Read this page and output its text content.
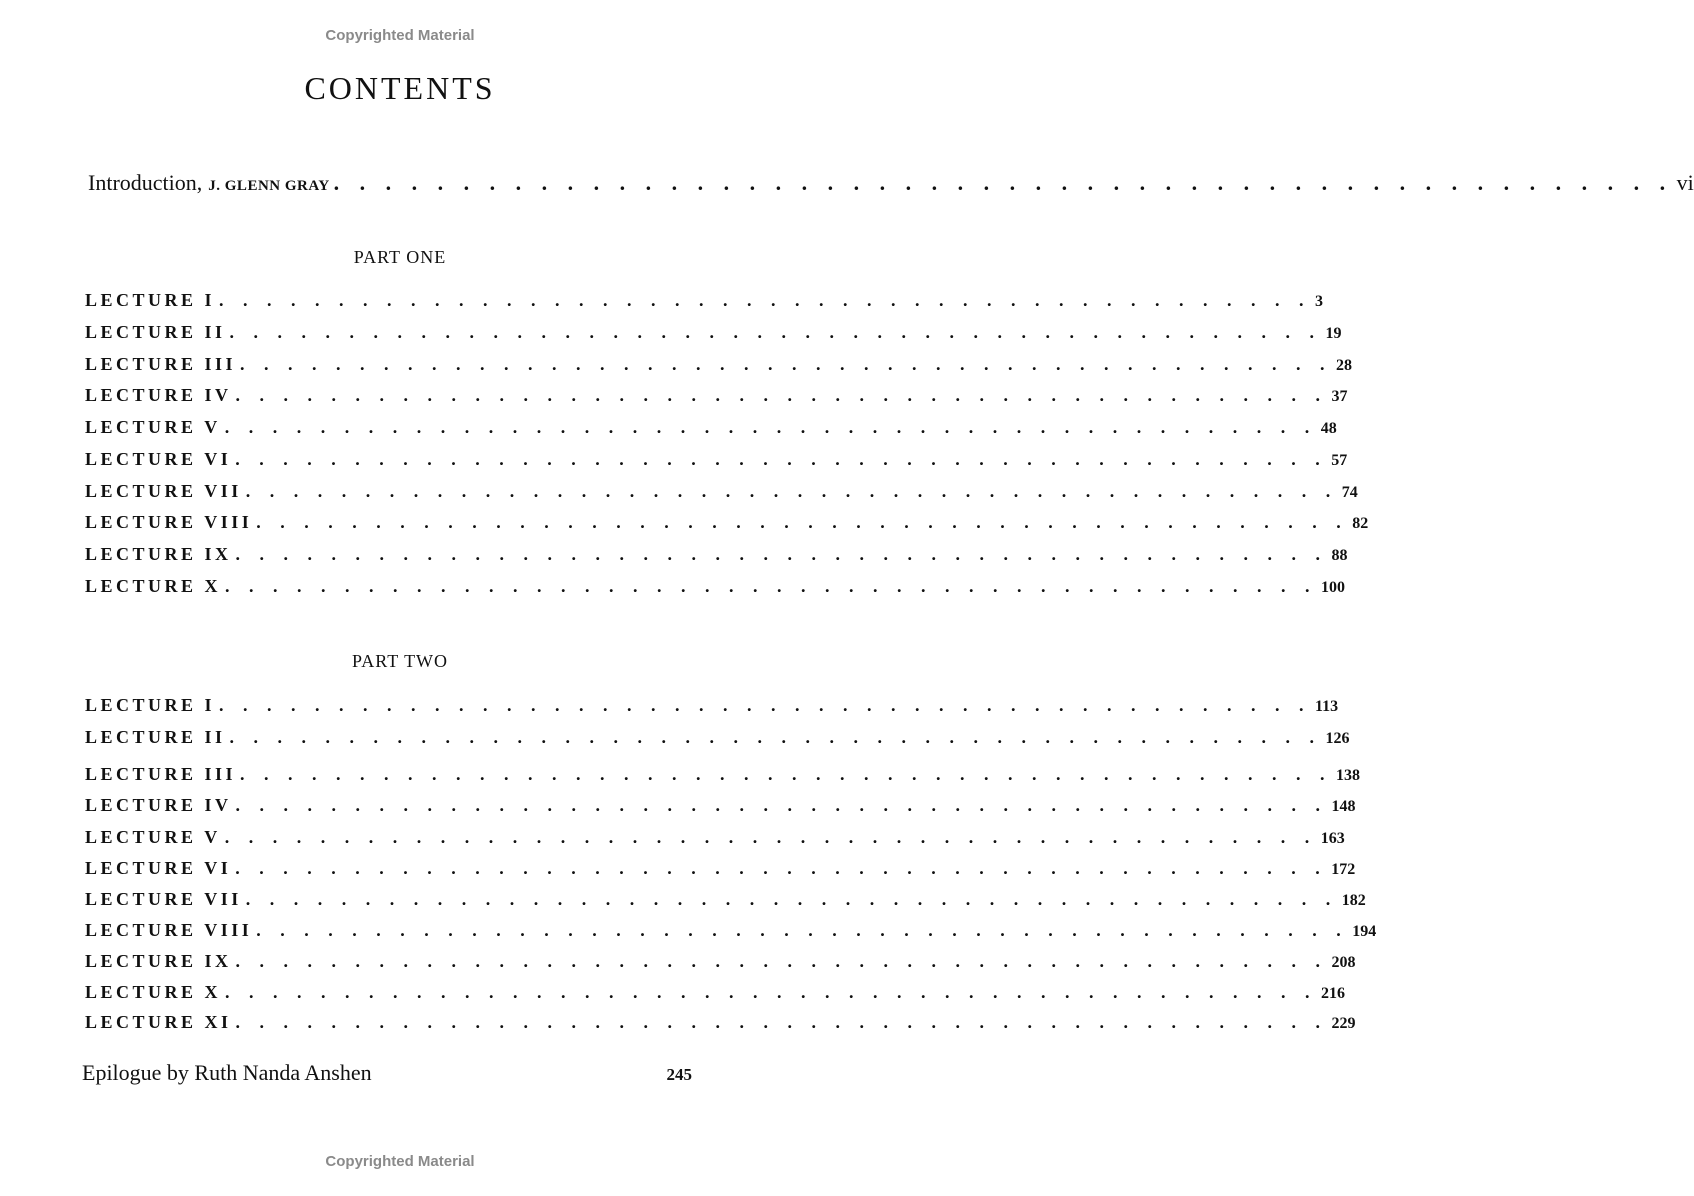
Copyrighted Material
CONTENTS
Introduction, J. GLENN GRAY . . . . . . . . . . . . . . . . . . . . . . . . . . . . . . . . . . . . . . . . . . . . . . . . . . . . vi
PART ONE
LECTURE I . . . . . . . . . . . . . . . . . . . . . . . . . . . . . . . . . . . . . . . . . . . . . . 3
LECTURE II . . . . . . . . . . . . . . . . . . . . . . . . . . . . . . . . . . . . . . . . . . . . . . 19
LECTURE III . . . . . . . . . . . . . . . . . . . . . . . . . . . . . . . . . . . . . . . . . . . . . . 28
LECTURE IV . . . . . . . . . . . . . . . . . . . . . . . . . . . . . . . . . . . . . . . . . . . . . . 37
LECTURE V . . . . . . . . . . . . . . . . . . . . . . . . . . . . . . . . . . . . . . . . . . . . . . 48
LECTURE VI . . . . . . . . . . . . . . . . . . . . . . . . . . . . . . . . . . . . . . . . . . . . . . 57
LECTURE VII . . . . . . . . . . . . . . . . . . . . . . . . . . . . . . . . . . . . . . . . . . . . . . 74
LECTURE VIII . . . . . . . . . . . . . . . . . . . . . . . . . . . . . . . . . . . . . . . . . . . . . . 82
LECTURE IX . . . . . . . . . . . . . . . . . . . . . . . . . . . . . . . . . . . . . . . . . . . . . . 88
LECTURE X . . . . . . . . . . . . . . . . . . . . . . . . . . . . . . . . . . . . . . . . . . . . . . 100
PART TWO
LECTURE I . . . . . . . . . . . . . . . . . . . . . . . . . . . . . . . . . . . . . . . . . . . . . . 113
LECTURE II . . . . . . . . . . . . . . . . . . . . . . . . . . . . . . . . . . . . . . . . . . . . . . 126
LECTURE III . . . . . . . . . . . . . . . . . . . . . . . . . . . . . . . . . . . . . . . . . . . . . . 138
LECTURE IV . . . . . . . . . . . . . . . . . . . . . . . . . . . . . . . . . . . . . . . . . . . . . . 148
LECTURE V . . . . . . . . . . . . . . . . . . . . . . . . . . . . . . . . . . . . . . . . . . . . . . 163
LECTURE VI . . . . . . . . . . . . . . . . . . . . . . . . . . . . . . . . . . . . . . . . . . . . . . 172
LECTURE VII . . . . . . . . . . . . . . . . . . . . . . . . . . . . . . . . . . . . . . . . . . . . . . 182
LECTURE VIII . . . . . . . . . . . . . . . . . . . . . . . . . . . . . . . . . . . . . . . . . . . . . . 194
LECTURE IX . . . . . . . . . . . . . . . . . . . . . . . . . . . . . . . . . . . . . . . . . . . . . . 208
LECTURE X . . . . . . . . . . . . . . . . . . . . . . . . . . . . . . . . . . . . . . . . . . . . . . 216
LECTURE XI . . . . . . . . . . . . . . . . . . . . . . . . . . . . . . . . . . . . . . . . . . . . . . 229
Epilogue by Ruth Nanda Anshen	245
Copyrighted Material
